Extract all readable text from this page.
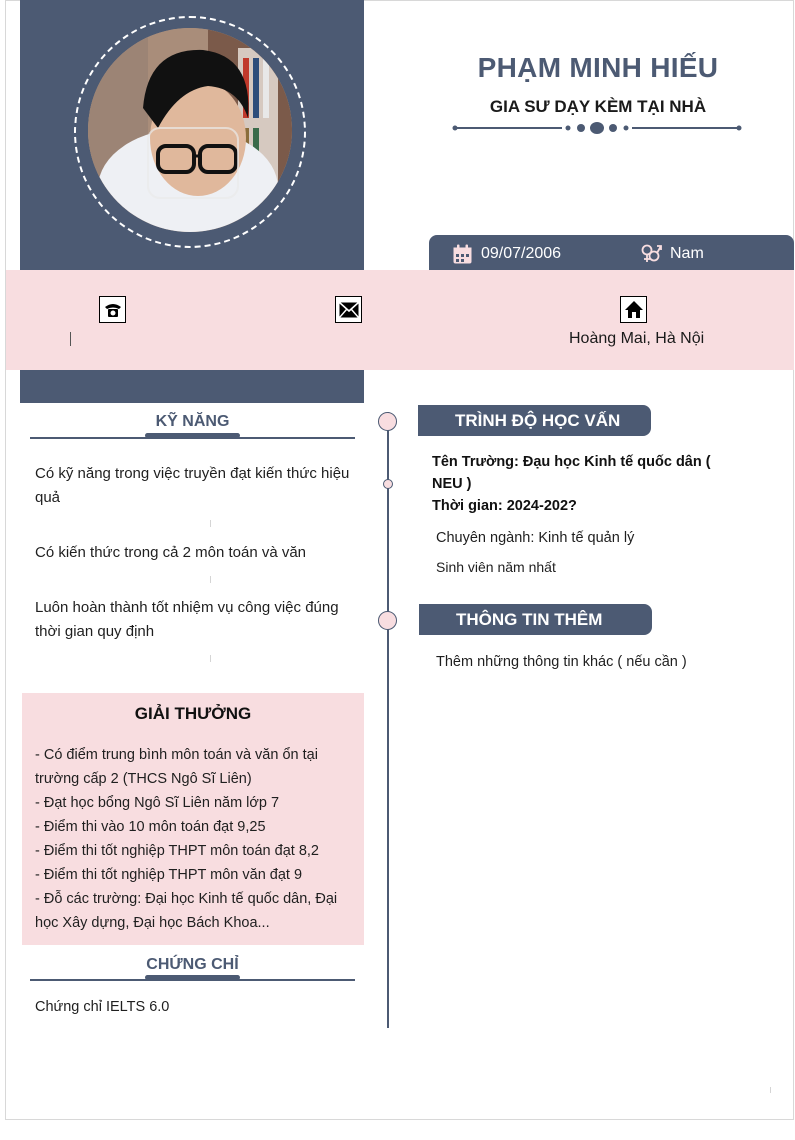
PHẠM MINH HIẾU
GIA SƯ DẠY KÈM TẠI NHÀ
09/07/2006	Nam
Hoàng Mai, Hà Nội
KỸ NĂNG
Có kỹ năng trong việc truyền đạt kiến thức hiệu quả
Có kiến thức trong cả 2 môn toán và văn
Luôn hoàn thành tốt nhiệm vụ công việc đúng thời gian quy định
GIẢI THƯỞNG
- Có điểm trung bình môn toán và văn ổn tại trường cấp 2 (THCS Ngô Sĩ Liên)
- Đạt học bổng Ngô Sĩ Liên năm lớp 7
- Điểm thi vào 10 môn toán đạt 9,25
- Điểm thi tốt nghiệp THPT môn toán đạt 8,2
- Điểm thi tốt nghiệp THPT môn văn đạt 9
- Đỗ các trường: Đại học Kinh tế quốc dân, Đại học Xây dựng, Đại học Bách Khoa...
CHỨNG CHỈ
Chứng chỉ IELTS 6.0
TRÌNH ĐỘ HỌC VẤN
Tên Trường: Đạu học Kinh tế quốc dân ( NEU )
Thời gian: 2024-202?
Chuyên ngành: Kinh tế quản lý
Sinh viên năm nhất
THÔNG TIN THÊM
Thêm những thông tin khác ( nếu cần )
